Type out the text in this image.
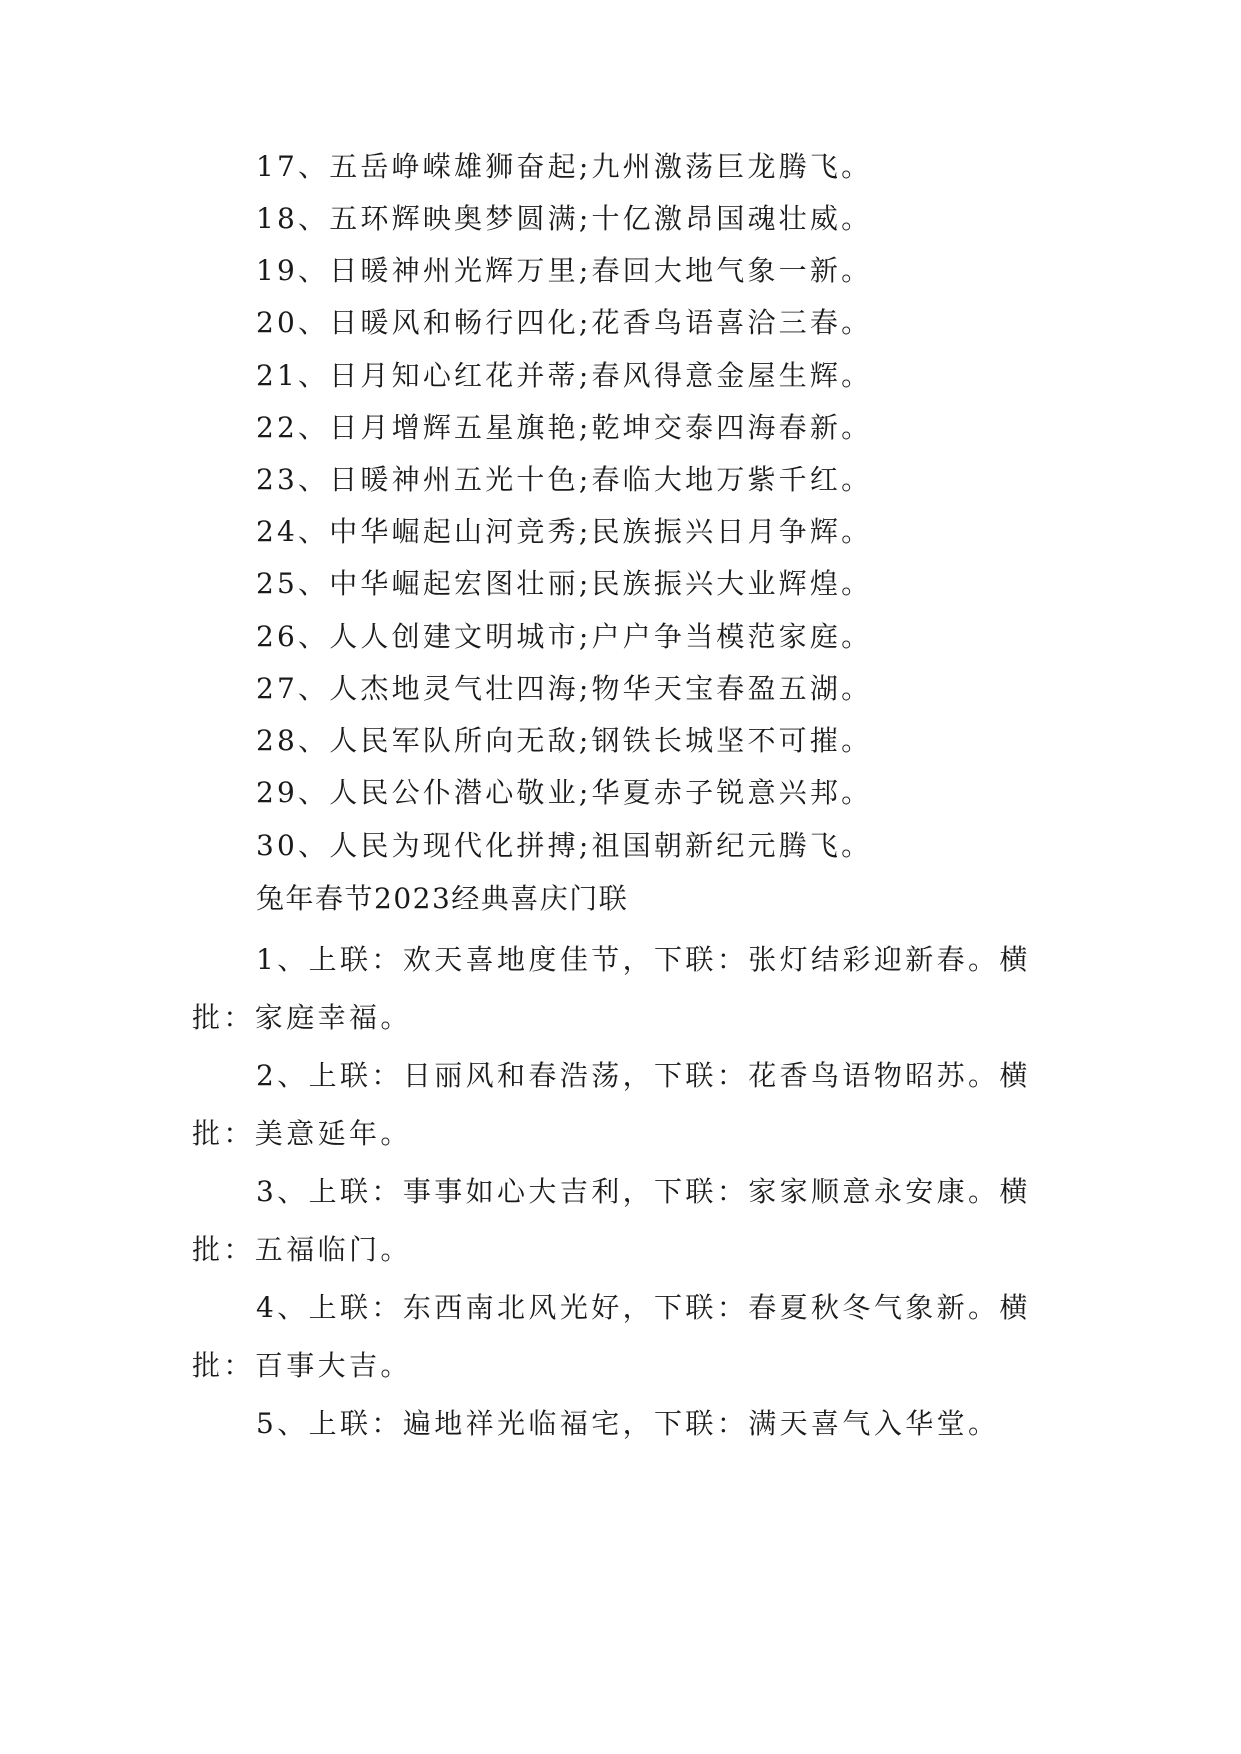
17、五岳峥嵘雄狮奋起;九州激荡巨龙腾飞。
18、五环辉映奥梦圆满;十亿激昂国魂壮威。
19、日暖神州光辉万里;春回大地气象一新。
20、日暖风和畅行四化;花香鸟语喜洽三春。
21、日月知心红花并蒂;春风得意金屋生辉。
22、日月增辉五星旗艳;乾坤交泰四海春新。
23、日暖神州五光十色;春临大地万紫千红。
24、中华崛起山河竞秀;民族振兴日月争辉。
25、中华崛起宏图壮丽;民族振兴大业辉煌。
26、人人创建文明城市;户户争当模范家庭。
27、人杰地灵气壮四海;物华天宝春盈五湖。
28、人民军队所向无敌;钢铁长城坚不可摧。
29、人民公仆潜心敬业;华夏赤子锐意兴邦。
30、人民为现代化拼搏;祖国朝新纪元腾飞。
兔年春节2023经典喜庆门联
1、上联：欢天喜地度佳节，下联：张灯结彩迎新春。横批：家庭幸福。
2、上联：日丽风和春浩荡，下联：花香鸟语物昭苏。横批：美意延年。
3、上联：事事如心大吉利，下联：家家顺意永安康。横批：五福临门。
4、上联：东西南北风光好，下联：春夏秋冬气象新。横批：百事大吉。
5、上联：遍地祥光临福宅，下联：满天喜气入华堂。
